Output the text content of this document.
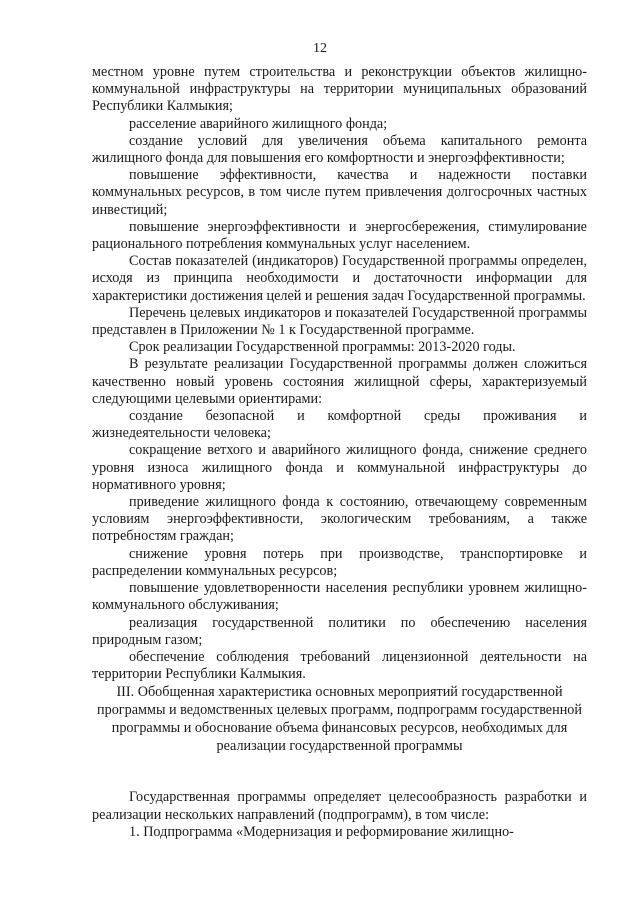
12

местном уровне путем строительства и реконструкции объектов жилищно-коммунальной инфраструктуры на территории муниципальных образований Республики Калмыкия;

расселение аварийного жилищного фонда;

создание условий для увеличения объема капитального ремонта жилищного фонда для повышения его комфортности и энергоэффективности;

повышение эффективности, качества и надежности поставки коммунальных ресурсов, в том числе путем привлечения долгосрочных частных инвестиций;

повышение энергоэффективности и энергосбережения, стимулирование рационального потребления коммунальных услуг населением.

Состав показателей (индикаторов) Государственной программы определен, исходя из принципа необходимости и достаточности информации для характеристики достижения целей и решения задач Государственной программы.

Перечень целевых индикаторов и показателей Государственной программы представлен в Приложении № 1 к Государственной программе.

Срок реализации Государственной программы: 2013-2020 годы.

В результате реализации Государственной программы должен сложиться качественно новый уровень состояния жилищной сферы, характеризуемый следующими целевыми ориентирами:

создание безопасной и комфортной среды проживания и жизнедеятельности человека;

сокращение ветхого и аварийного жилищного фонда, снижение среднего уровня износа жилищного фонда и коммунальной инфраструктуры до нормативного уровня;

приведение жилищного фонда к состоянию, отвечающему современным условиям энергоэффективности, экологическим требованиям, а также потребностям граждан;

снижение уровня потерь при производстве, транспортировке и распределении коммунальных ресурсов;

повышение удовлетворенности населения республики уровнем жилищно-коммунального обслуживания;

реализация государственной политики по обеспечению населения природным газом;

обеспечение соблюдения требований лицензионной деятельности на территории Республики Калмыкия.

III. Обобщенная характеристика основных мероприятий государственной программы и ведомственных целевых программ, подпрограмм государственной программы и обоснование объема финансовых ресурсов, необходимых для реализации государственной программы

Государственная программы определяет целесообразность разработки и реализации нескольких направлений (подпрограмм), в том числе:

1. Подпрограмма «Модернизация и реформирование жилищно-
